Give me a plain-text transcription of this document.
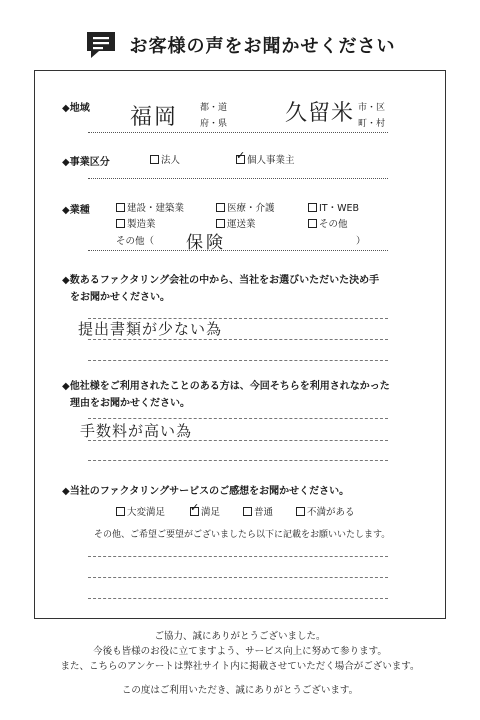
お客様の声をお聞かせください
◆地域 福岡 都・道
府・県	久留米 市・区
町・村
◆事業区分	法人 ✓	個人事業主
◆業種	建設・建築業	医療・介護	IT・WEB
製造業	運送業	その他
その他（ 保険	）
◆数あるファクタリング会社の中から、当社をお選びいただいた決め手
をお聞かせください。
提出書類が少ない為
◆他社様をご利用されたことのある方は、今回そちらを利用されなかった
理由をお聞かせください。
手数料が高い為
◆当社のファクタリングサービスのご感想をお聞かせください。
大変満足 ✓	満足	普通	不満がある
その他、ご希望ご要望がございましたら以下に記載をお願いいたします。
ご協力、誠にありがとうございました。
今後も皆様のお役に立てますよう、サービス向上に努めて参ります。
また、こちらのアンケートは弊社サイト内に掲載させていただく場合がございます。
この度はご利用いただき、誠にありがとうございます。
